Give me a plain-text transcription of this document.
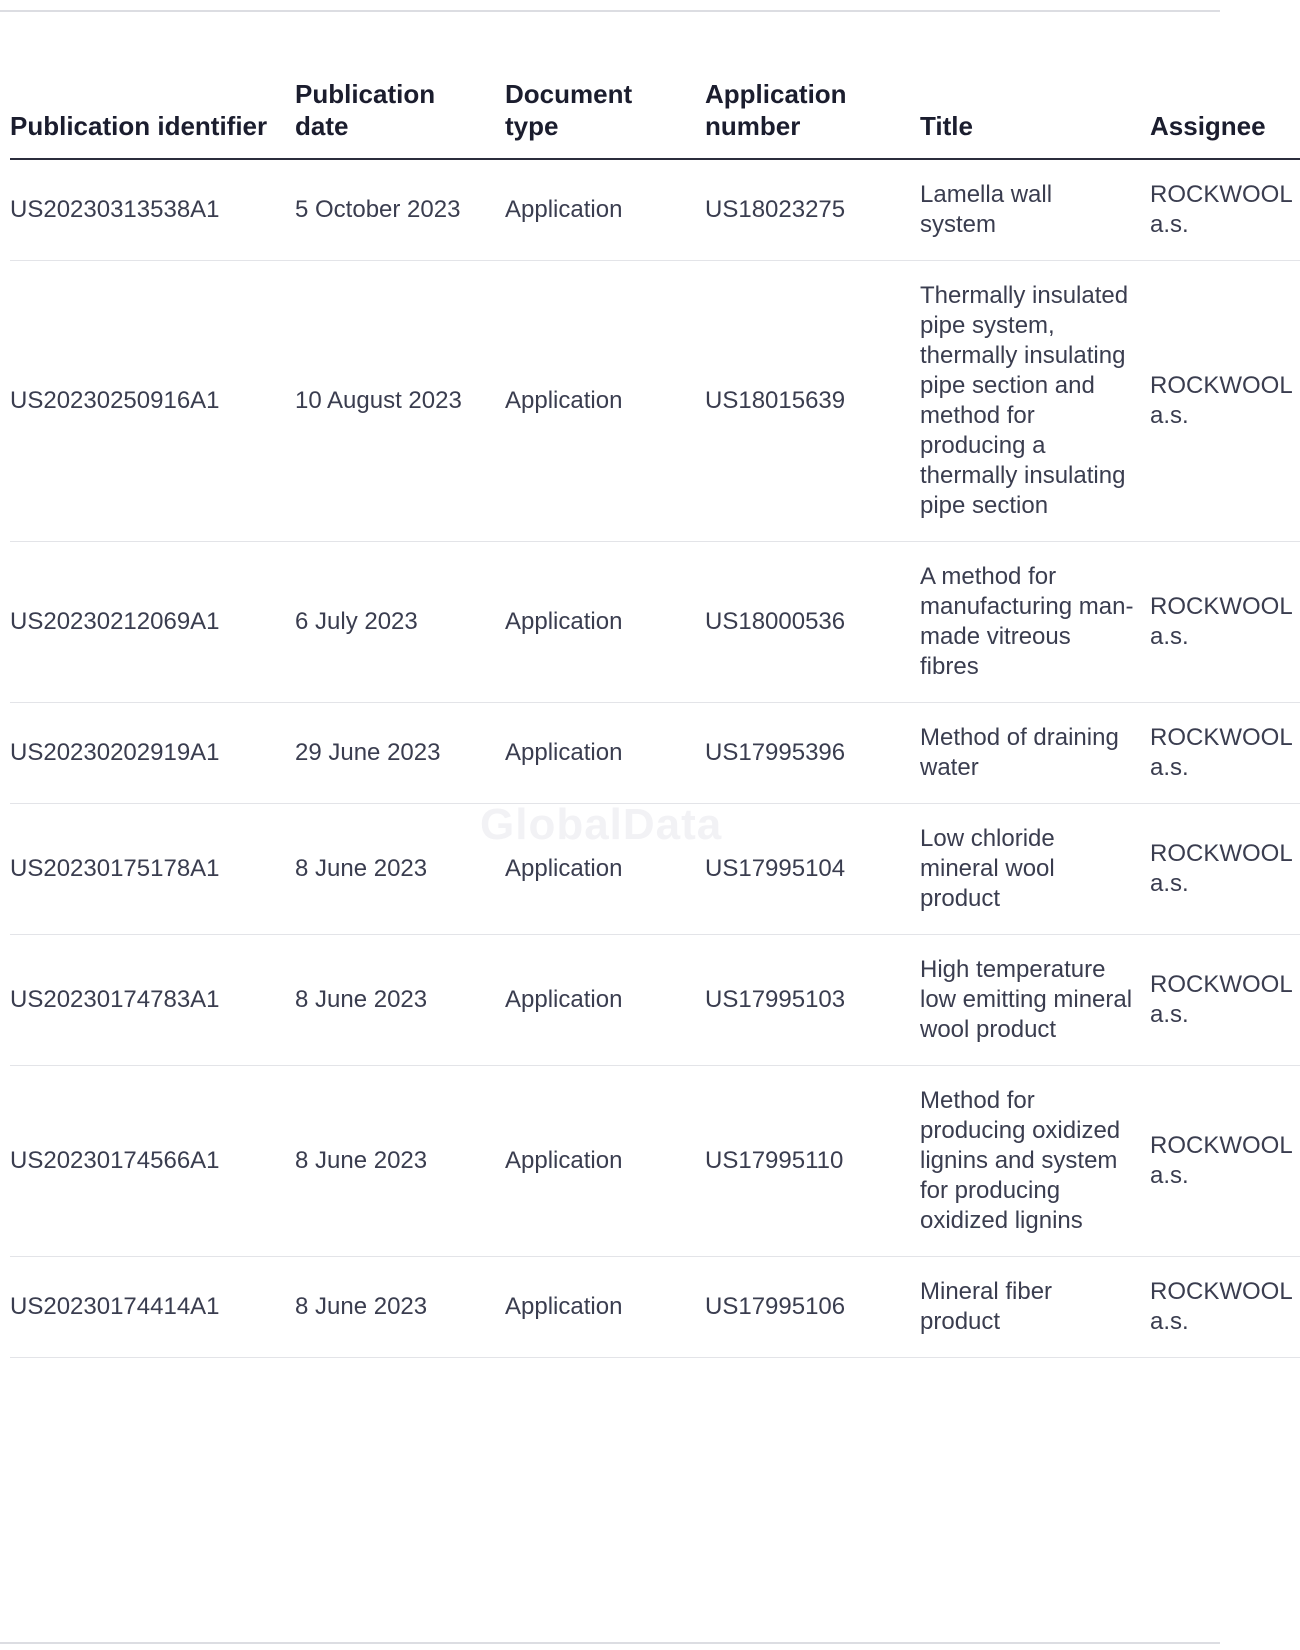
GlobalData
Publication identifier	Publication date	Document type	Application number	Title	Assignee
US20230313538A1	5 October 2023	Application	US18023275	Lamella wall system	ROCKWOOL a.s.
US20230250916A1	10 August 2023	Application	US18015639	Thermally insulated pipe system, thermally insulating pipe section and method for producing a thermally insulating pipe section	ROCKWOOL a.s.
US20230212069A1	6 July 2023	Application	US18000536	A method for manufacturing man-made vitreous fibres	ROCKWOOL a.s.
US20230202919A1	29 June 2023	Application	US17995396	Method of draining water	ROCKWOOL a.s.
US20230175178A1	8 June 2023	Application	US17995104	Low chloride mineral wool product	ROCKWOOL a.s.
US20230174783A1	8 June 2023	Application	US17995103	High temperature low emitting mineral wool product	ROCKWOOL a.s.
US20230174566A1	8 June 2023	Application	US17995110	Method for producing oxidized lignins and system for producing oxidized lignins	ROCKWOOL a.s.
US20230174414A1	8 June 2023	Application	US17995106	Mineral fiber product	ROCKWOOL a.s.
